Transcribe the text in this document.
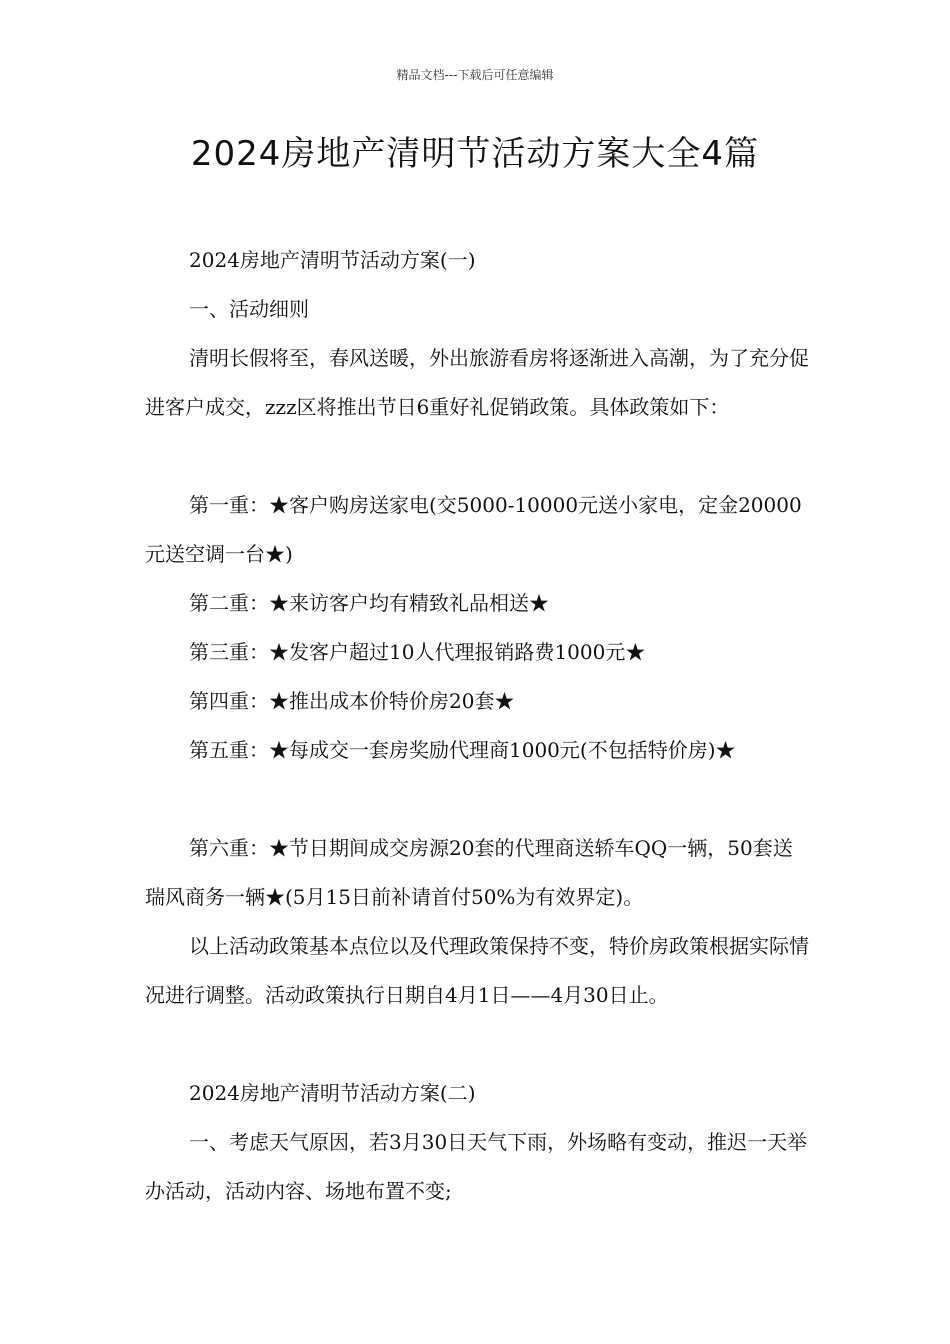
精品文档---下载后可任意编辑
2024房地产清明节活动方案大全4篇

2024房地产清明节活动方案(一)

一、活动细则

清明长假将至，春风送暖，外出旅游看房将逐渐进入高潮，为了充分促进客户成交，zzz区将推出节日6重好礼促销政策。具体政策如下：

第一重：★客户购房送家电(交5000-10000元送小家电，定金20000元送空调一台★)

第二重：★来访客户均有精致礼品相送★

第三重：★发客户超过10人代理报销路费1000元★

第四重：★推出成本价特价房20套★

第五重：★每成交一套房奖励代理商1000元(不包括特价房)★

第六重：★节日期间成交房源20套的代理商送轿车QQ一辆，50套送瑞风商务一辆★(5月15日前补请首付50%为有效界定)。

以上活动政策基本点位以及代理政策保持不变，特价房政策根据实际情况进行调整。活动政策执行日期自4月1日——4月30日止。

2024房地产清明节活动方案(二)

一、考虑天气原因，若3月30日天气下雨，外场略有变动，推迟一天举办活动，活动内容、场地布置不变;
